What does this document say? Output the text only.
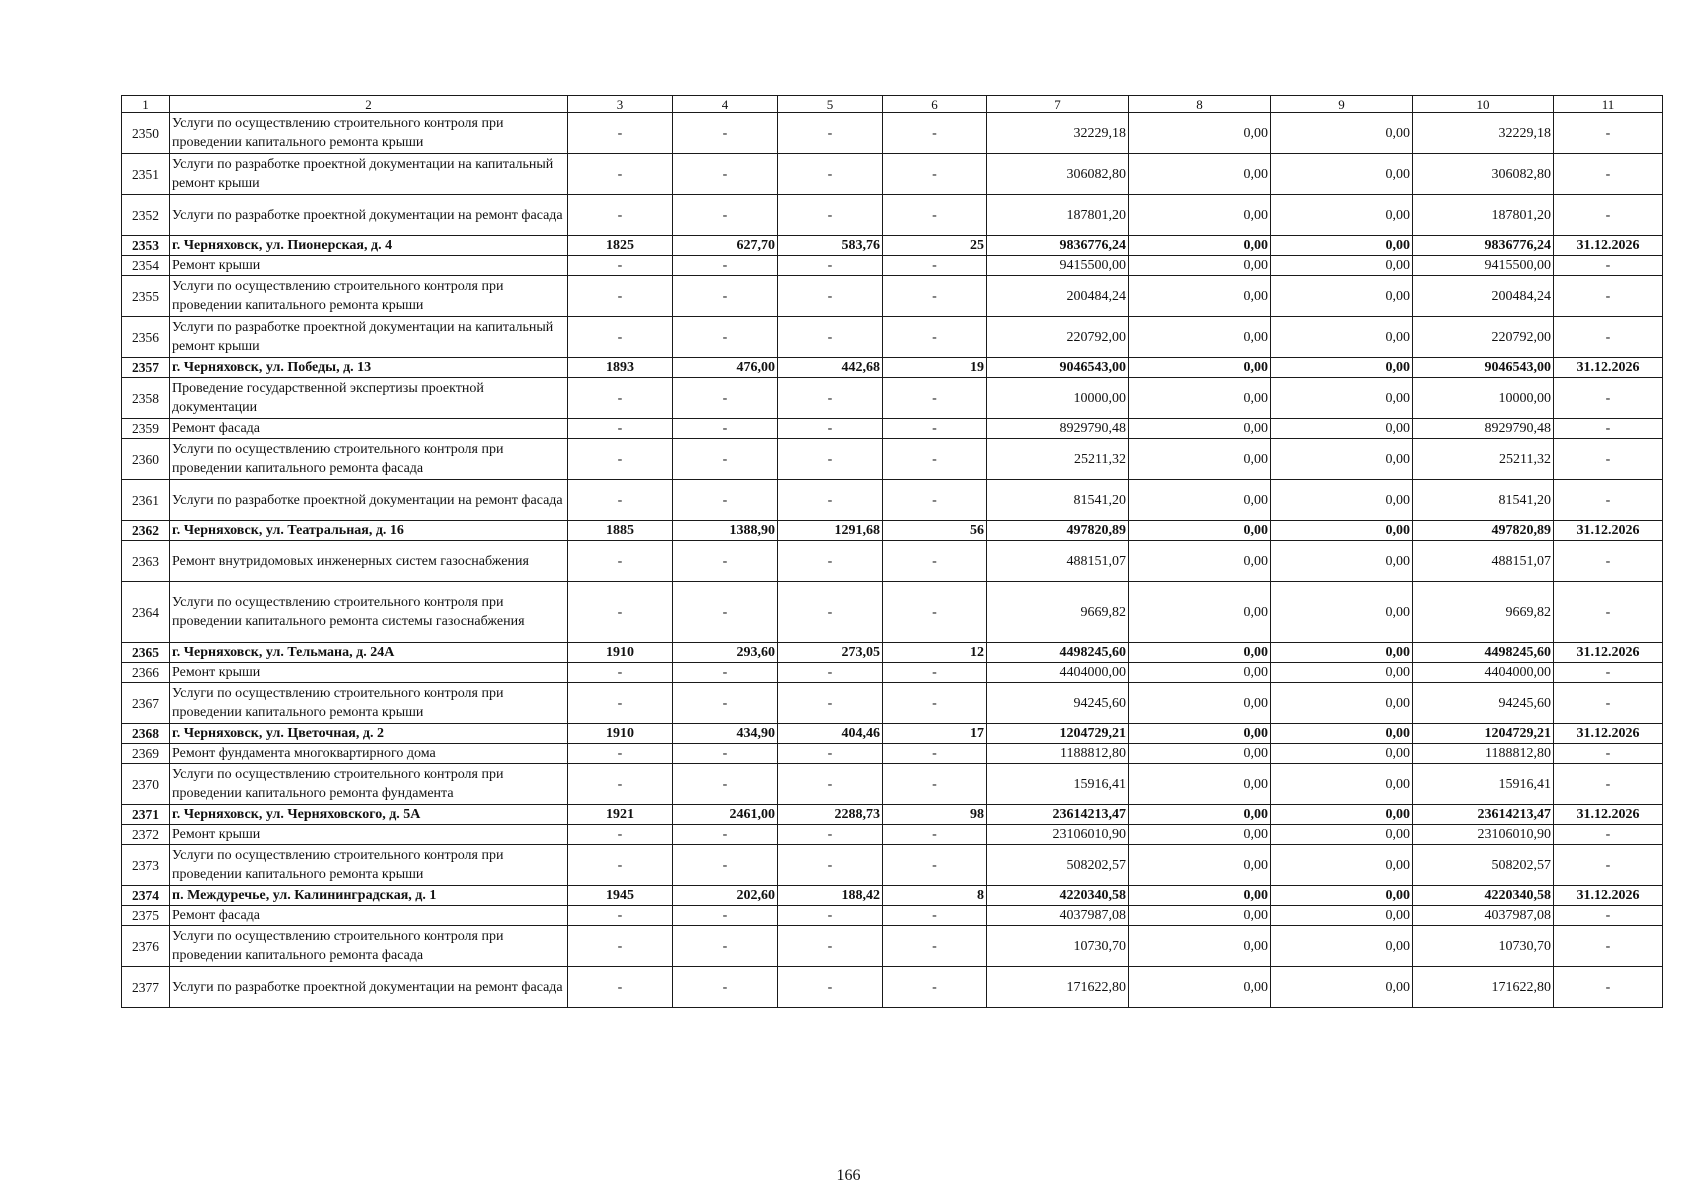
1	2	3	4	5	6	7	8	9	10	11
2350	Услуги по осуществлению строительного контроля при проведении капитального ремонта крыши	-	-	-	-	32229,18	0,00	0,00	32229,18	-
2351	Услуги по разработке проектной документации на капитальный ремонт крыши	-	-	-	-	306082,80	0,00	0,00	306082,80	-
2352	Услуги по разработке проектной документации на ремонт фасада	-	-	-	-	187801,20	0,00	0,00	187801,20	-
2353	г. Черняховск, ул. Пионерская, д. 4	1825	627,70	583,76	25	9836776,24	0,00	0,00	9836776,24	31.12.2026
2354	Ремонт крыши	-	-	-	-	9415500,00	0,00	0,00	9415500,00	-
2355	Услуги по осуществлению строительного контроля при проведении капитального ремонта крыши	-	-	-	-	200484,24	0,00	0,00	200484,24	-
2356	Услуги по разработке проектной документации на капитальный ремонт крыши	-	-	-	-	220792,00	0,00	0,00	220792,00	-
2357	г. Черняховск, ул. Победы, д. 13	1893	476,00	442,68	19	9046543,00	0,00	0,00	9046543,00	31.12.2026
2358	Проведение государственной экспертизы проектной документации	-	-	-	-	10000,00	0,00	0,00	10000,00	-
2359	Ремонт фасада	-	-	-	-	8929790,48	0,00	0,00	8929790,48	-
2360	Услуги по осуществлению строительного контроля при проведении капитального ремонта фасада	-	-	-	-	25211,32	0,00	0,00	25211,32	-
2361	Услуги по разработке проектной документации на ремонт фасада	-	-	-	-	81541,20	0,00	0,00	81541,20	-
2362	г. Черняховск, ул. Театральная, д. 16	1885	1388,90	1291,68	56	497820,89	0,00	0,00	497820,89	31.12.2026
2363	Ремонт внутридомовых инженерных систем газоснабжения	-	-	-	-	488151,07	0,00	0,00	488151,07	-
2364	Услуги по осуществлению строительного контроля при проведении капитального ремонта системы газоснабжения	-	-	-	-	9669,82	0,00	0,00	9669,82	-
2365	г. Черняховск, ул. Тельмана, д. 24А	1910	293,60	273,05	12	4498245,60	0,00	0,00	4498245,60	31.12.2026
2366	Ремонт крыши	-	-	-	-	4404000,00	0,00	0,00	4404000,00	-
2367	Услуги по осуществлению строительного контроля при проведении капитального ремонта крыши	-	-	-	-	94245,60	0,00	0,00	94245,60	-
2368	г. Черняховск, ул. Цветочная, д. 2	1910	434,90	404,46	17	1204729,21	0,00	0,00	1204729,21	31.12.2026
2369	Ремонт фундамента многоквартирного дома	-	-	-	-	1188812,80	0,00	0,00	1188812,80	-
2370	Услуги по осуществлению строительного контроля при проведении капитального ремонта фундамента	-	-	-	-	15916,41	0,00	0,00	15916,41	-
2371	г. Черняховск, ул. Черняховского, д. 5А	1921	2461,00	2288,73	98	23614213,47	0,00	0,00	23614213,47	31.12.2026
2372	Ремонт крыши	-	-	-	-	23106010,90	0,00	0,00	23106010,90	-
2373	Услуги по осуществлению строительного контроля при проведении капитального ремонта крыши	-	-	-	-	508202,57	0,00	0,00	508202,57	-
2374	п. Междуречье, ул. Калининградская, д. 1	1945	202,60	188,42	8	4220340,58	0,00	0,00	4220340,58	31.12.2026
2375	Ремонт фасада	-	-	-	-	4037987,08	0,00	0,00	4037987,08	-
2376	Услуги по осуществлению строительного контроля при проведении капитального ремонта фасада	-	-	-	-	10730,70	0,00	0,00	10730,70	-
2377	Услуги по разработке проектной документации на ремонт фасада	-	-	-	-	171622,80	0,00	0,00	171622,80	-
166
